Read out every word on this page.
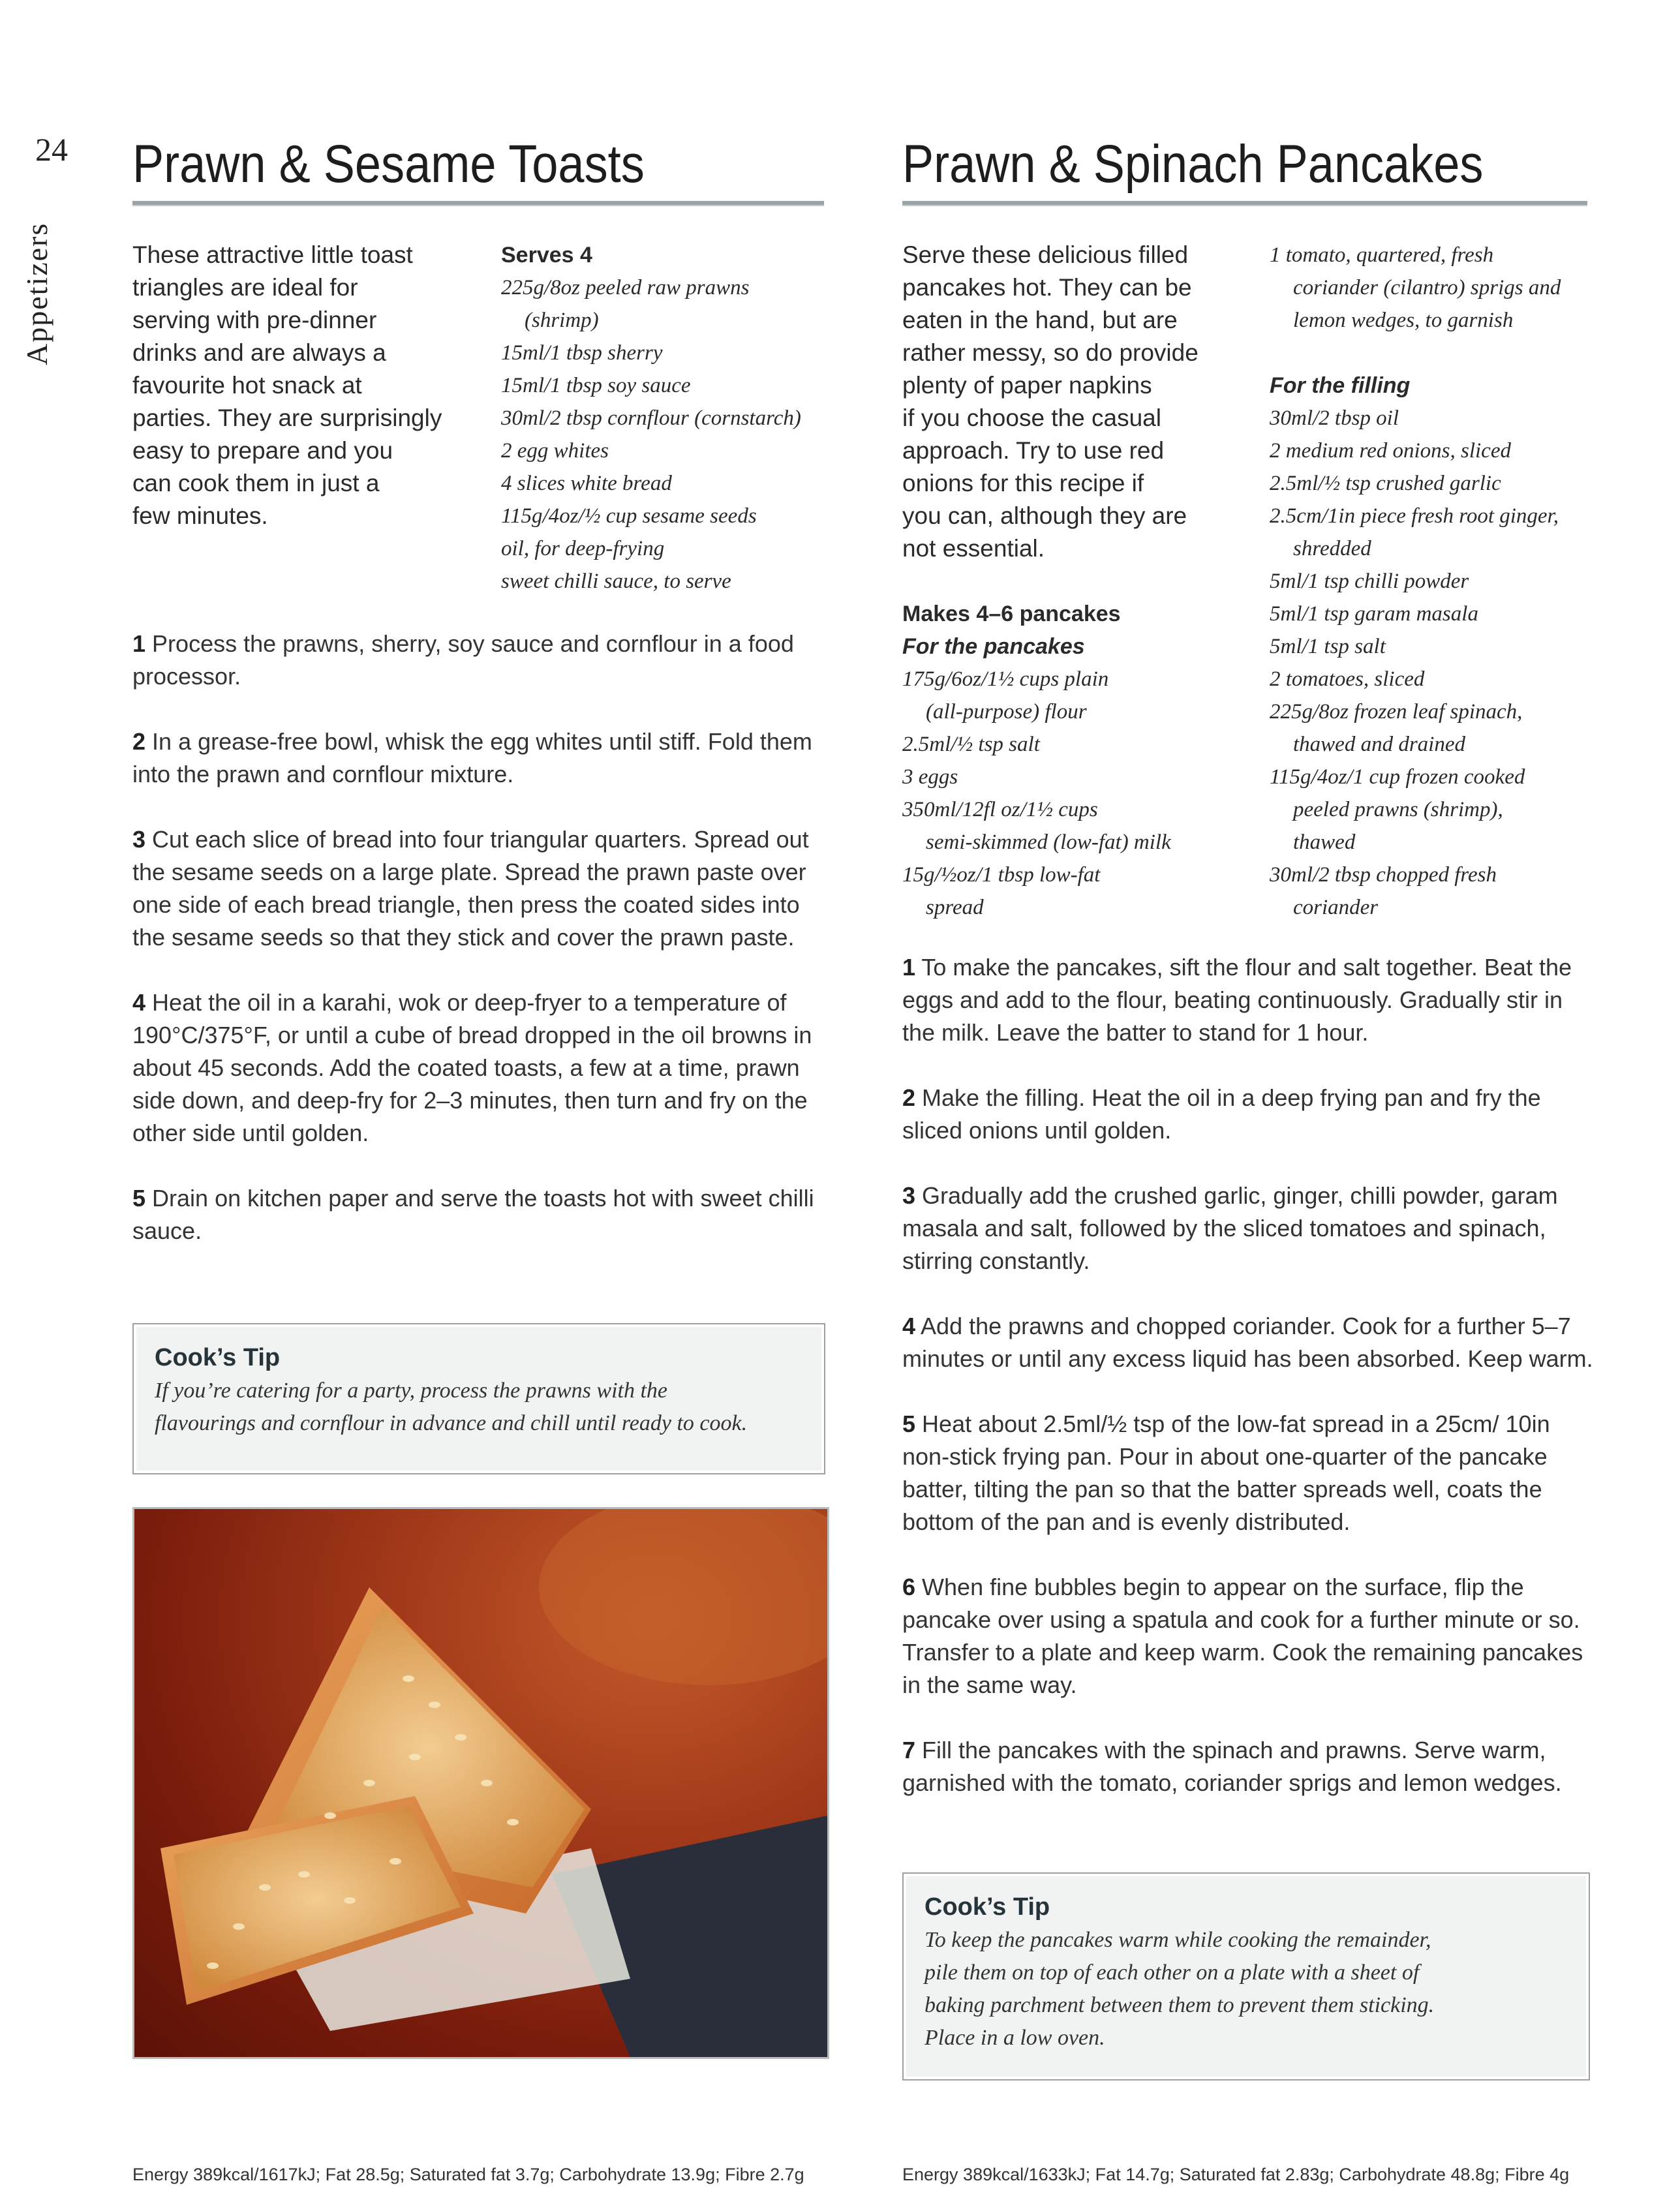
24
Appetizers
Prawn & Sesame Toasts
These attractive little toast
triangles are ideal for
serving with pre-dinner
drinks and are always a
favourite hot snack at
parties. They are surprisingly
easy to prepare and you
can cook them in just a
few minutes.
Serves 4
225g/8oz peeled raw prawns
(shrimp)
15ml/1 tbsp sherry
15ml/1 tbsp soy sauce
30ml/2 tbsp cornflour (cornstarch)
2 egg whites
4 slices white bread
115g/4oz/½ cup sesame seeds
oil, for deep-frying
sweet chilli sauce, to serve

1 Process the prawns, sherry, soy sauce and cornflour in a food processor.

2 In a grease-free bowl, whisk the egg whites until stiff. Fold them into the prawn and cornflour mixture.

3 Cut each slice of bread into four triangular quarters. Spread out the sesame seeds on a large plate. Spread the prawn paste over one side of each bread triangle, then press the coated sides into the sesame seeds so that they stick and cover the prawn paste.

4 Heat the oil in a karahi, wok or deep-fryer to a temperature of 190°C/375°F, or until a cube of bread dropped in the oil browns in about 45 seconds. Add the coated toasts, a few at a time, prawn side down, and deep-fry for 2–3 minutes, then turn and fry on the other side until golden.

5 Drain on kitchen paper and serve the toasts hot with sweet chilli sauce.

Cook’s Tip
If you’re catering for a party, process the prawns with the
flavourings and cornflour in advance and chill until ready to cook.
Energy 389kcal/1617kJ; Fat 28.5g; Saturated fat 3.7g; Carbohydrate 13.9g; Fibre 2.7g
Prawn & Spinach Pancakes
Serve these delicious filled
pancakes hot. They can be
eaten in the hand, but are
rather messy, so do provide
plenty of paper napkins
if you choose the casual
approach. Try to use red
onions for this recipe if
you can, although they are
not essential.
Makes 4–6 pancakes
For the pancakes
175g/6oz/1½ cups plain
(all-purpose) flour
2.5ml/½ tsp salt
3 eggs
350ml/12fl oz/1½ cups
semi-skimmed (low-fat) milk
15g/½oz/1 tbsp low-fat
spread
1 tomato, quartered, fresh
coriander (cilantro) sprigs and
lemon wedges, to garnish
For the filling
30ml/2 tbsp oil
2 medium red onions, sliced
2.5ml/½ tsp crushed garlic
2.5cm/1in piece fresh root ginger,
shredded
5ml/1 tsp chilli powder
5ml/1 tsp garam masala
5ml/1 tsp salt
2 tomatoes, sliced
225g/8oz frozen leaf spinach,
thawed and drained
115g/4oz/1 cup frozen cooked
peeled prawns (shrimp),
thawed
30ml/2 tbsp chopped fresh
coriander

1 To make the pancakes, sift the flour and salt together. Beat the eggs and add to the flour, beating continuously. Gradually stir in the milk. Leave the batter to stand for 1 hour.

2 Make the filling. Heat the oil in a deep frying pan and fry the sliced onions until golden.

3 Gradually add the crushed garlic, ginger, chilli powder, garam masala and salt, followed by the sliced tomatoes and spinach, stirring constantly.

4 Add the prawns and chopped coriander. Cook for a further 5–7 minutes or until any excess liquid has been absorbed. Keep warm.

5 Heat about 2.5ml/½ tsp of the low-fat spread in a 25cm/ 10in non-stick frying pan. Pour in about one-quarter of the pancake batter, tilting the pan so that the batter spreads well, coats the bottom of the pan and is evenly distributed.

6 When fine bubbles begin to appear on the surface, flip the pancake over using a spatula and cook for a further minute or so. Transfer to a plate and keep warm. Cook the remaining pancakes in the same way.

7 Fill the pancakes with the spinach and prawns. Serve warm, garnished with the tomato, coriander sprigs and lemon wedges.

Cook’s Tip
To keep the pancakes warm while cooking the remainder,
pile them on top of each other on a plate with a sheet of
baking parchment between them to prevent them sticking.
Place in a low oven.
Energy 389kcal/1633kJ; Fat 14.7g; Saturated fat 2.83g; Carbohydrate 48.8g; Fibre 4g
